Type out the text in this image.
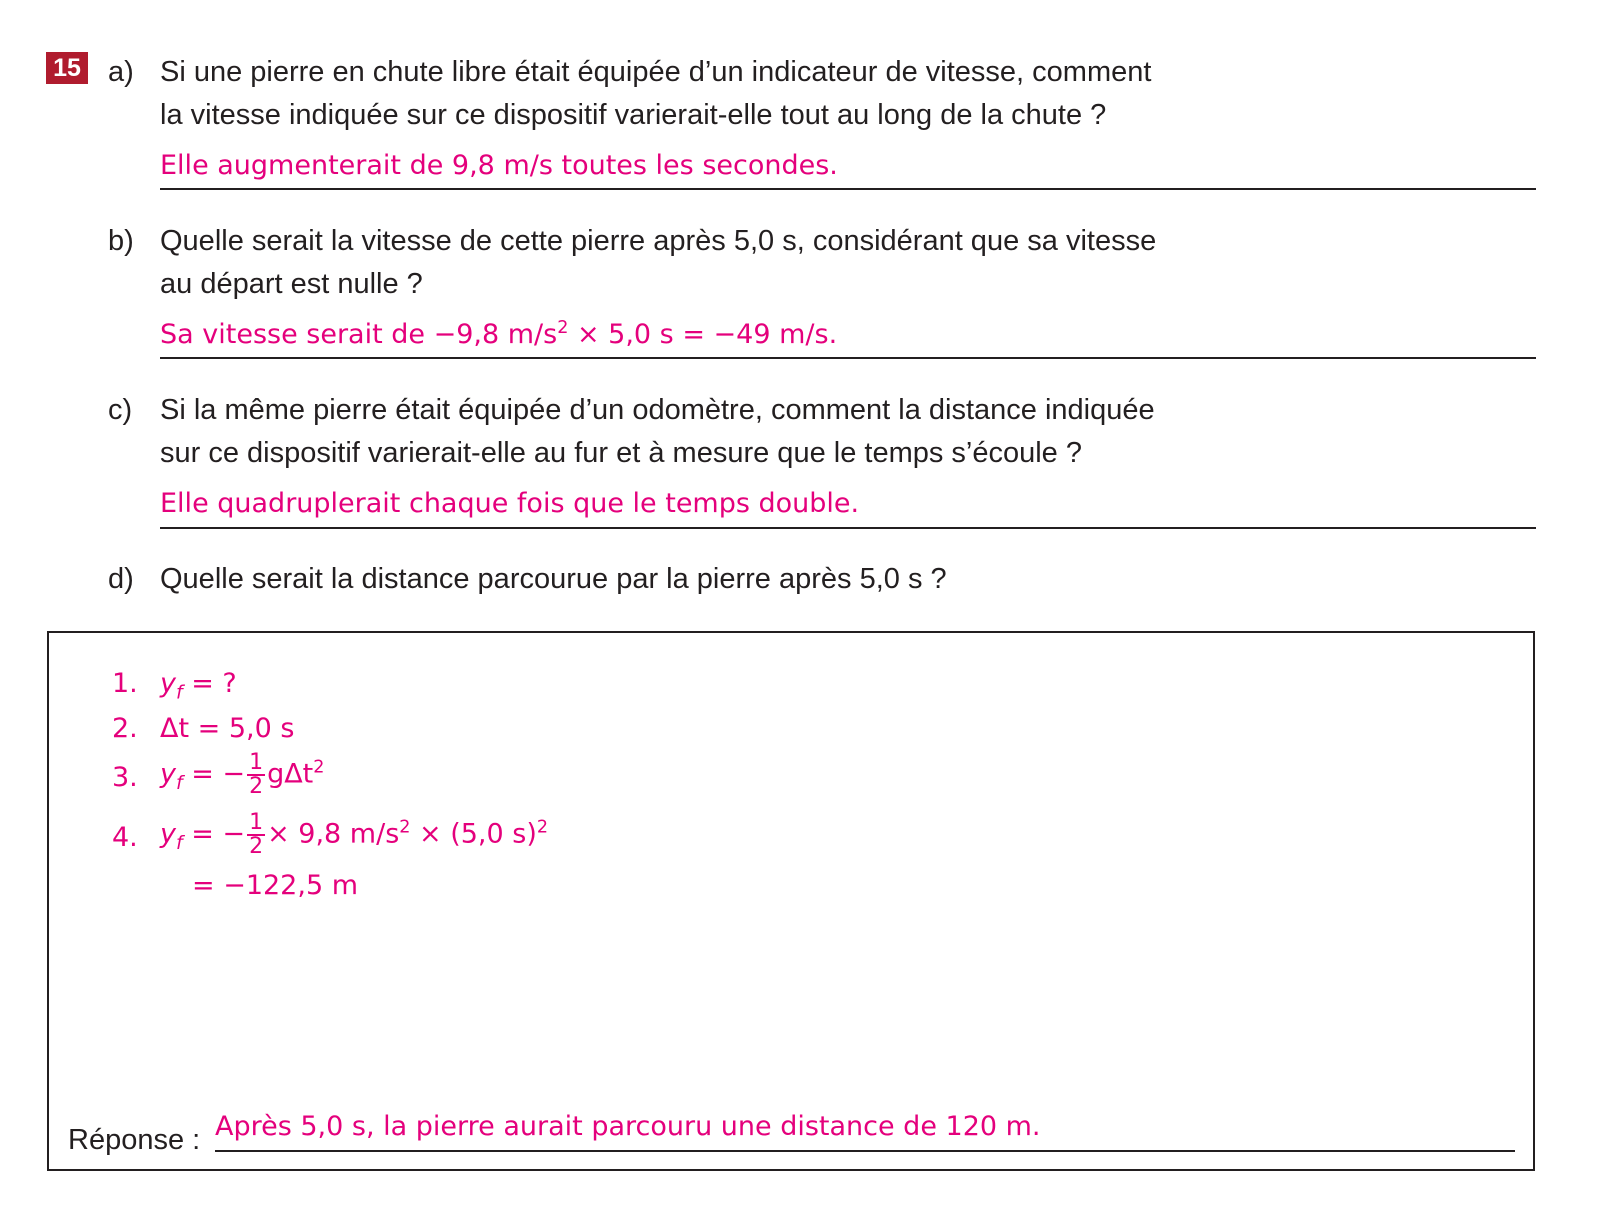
15 a) Si une pierre en chute libre était équipée d’un indicateur de vitesse, comment
la vitesse indiquée sur ce dispositif varierait-elle tout au long de la chute ?
Elle augmenterait de 9,8 m/s toutes les secondes.
b) Quelle serait la vitesse de cette pierre après 5,0 s, considérant que sa vitesse
au départ est nulle ?
Sa vitesse serait de −9,8 $m/s^2 \times 5,0$ s = −49 m/s.
c) Si la même pierre était équipée d’un odomètre, comment la distance indiquée
sur ce dispositif varierait-elle au fur et à mesure que le temps s’écoule ?
Elle quadruplerait chaque fois que le temps double.
d) Quelle serait la distance parcourue par la pierre après 5,0 s ?
1. $y_f$ = ?
2. Δt = 5,0 s
3. $y_f$ = − $\frac{1}{2} g\Delta t^2$
4. $y_f$ = − $\frac{1}{2} \times 9,8$ $m/s^2 \times (5,0$ s)$^2$
= −122,5 m
Réponse : Après 5,0 s, la pierre aurait parcouru une distance de 120 m.
